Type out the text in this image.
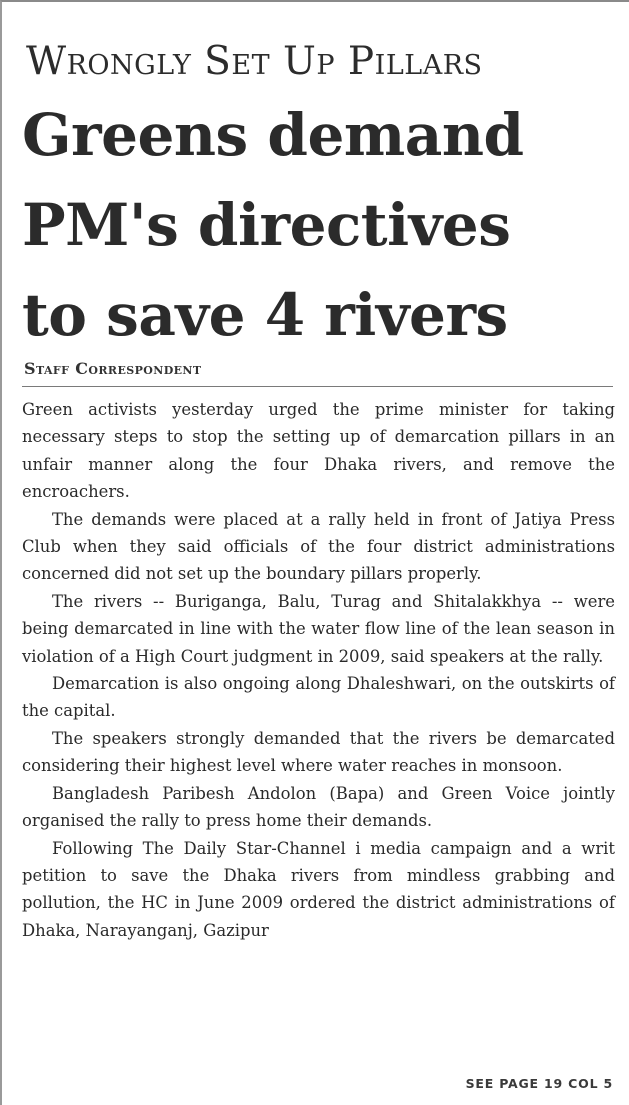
Wrongly Set Up Pillars
Greens demand
PM's directives
to save 4 rivers
Staff Correspondent

Green activists yesterday urged the prime minister for taking necessary steps to stop the setting up of demarcation pillars in an unfair manner along the four Dhaka rivers, and remove the encroachers.

The demands were placed at a rally held in front of Jatiya Press Club when they said officials of the four district administrations concerned did not set up the boundary pillars properly.

The rivers -- Buriganga, Balu, Turag and Shitalakkhya -- were being demarcated in line with the water flow line of the lean season in violation of a High Court judgment in 2009, said speakers at the rally.

Demarcation is also ongoing along Dhaleshwari, on the outskirts of the capital.

The speakers strongly demanded that the rivers be demarcated considering their highest level where water reaches in monsoon.

Bangladesh Paribesh Andolon (Bapa) and Green Voice jointly organised the rally to press home their demands.

Following The Daily Star-Channel i media campaign and a writ petition to save the Dhaka rivers from mindless grabbing and pollution, the HC in June 2009 ordered the district administrations of Dhaka, Narayanganj, Gazipur

SEE PAGE 19 COL 5
